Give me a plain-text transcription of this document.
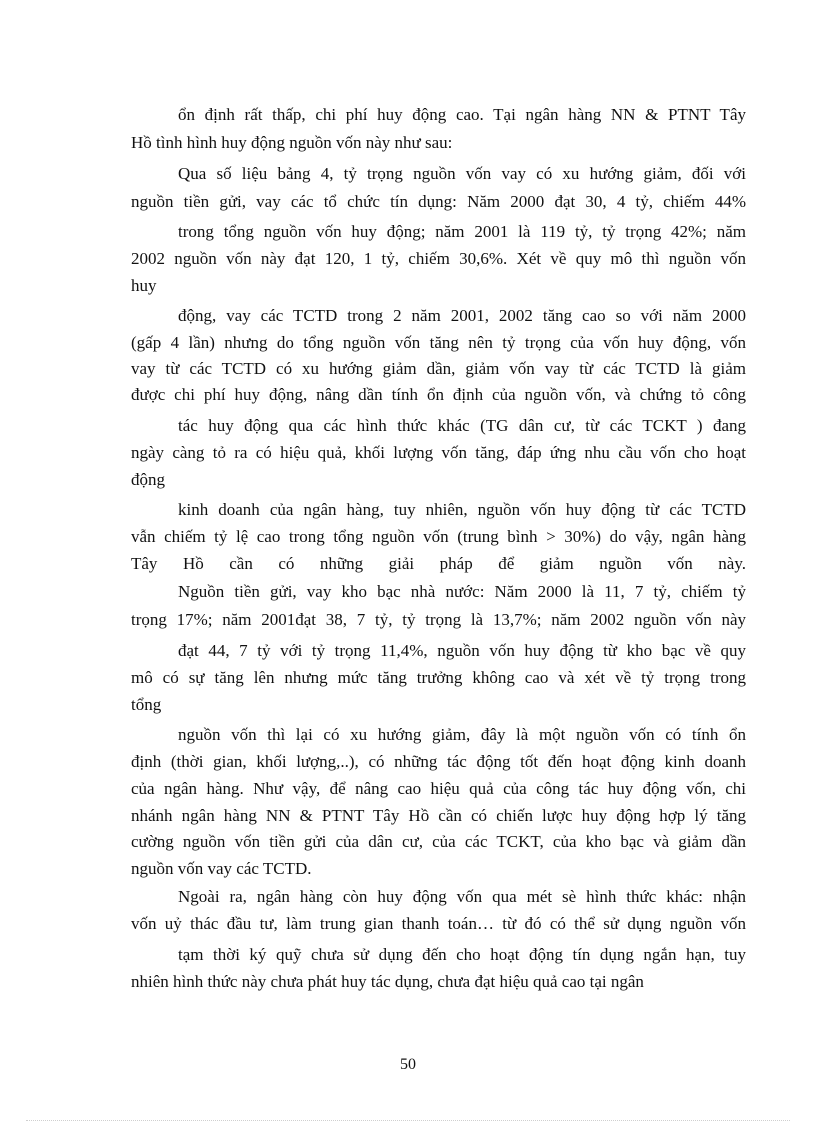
ổn định rất thấp, chi phí huy động cao. Tại ngân hàng NN & PTNT Tây
Hồ tình hình huy động nguồn vốn này như sau:
Qua số liệu bảng 4, tỷ trọng nguồn vốn vay có xu hướng giảm, đối với
nguồn tiền gửi, vay các tổ chức tín dụng: Năm 2000 đạt 30, 4 tỷ, chiếm 44%
trong tổng nguồn vốn huy động; năm 2001 là 119 tỷ, tỷ trọng 42%; năm
2002 nguồn vốn này đạt 120, 1 tỷ, chiếm 30,6%. Xét về quy mô thì nguồn vốn
huy
động, vay các TCTD trong 2 năm 2001, 2002 tăng cao so với năm 2000
(gấp 4 lần) nhưng do tổng nguồn vốn tăng nên tỷ trọng của vốn huy động, vốn
vay từ các TCTD có xu hướng giảm dần, giảm vốn vay từ các TCTD là giảm
được chi phí huy động, nâng dần tính ổn định của nguồn vốn, và chứng tỏ công
tác huy động qua các hình thức khác (TG dân cư, từ các TCKT ) đang
ngày càng tỏ ra có hiệu quả, khối lượng vốn tăng, đáp ứng nhu cầu vốn cho hoạt
động
kinh doanh của ngân hàng, tuy nhiên, nguồn vốn huy động từ các TCTD
vẫn chiếm tỷ lệ cao trong tổng nguồn vốn (trung bình > 30%) do vậy, ngân hàng
Tây Hồ cần có những giải pháp để giảm nguồn vốn này.
Nguồn tiền gửi, vay kho bạc nhà nước: Năm 2000 là 11, 7 tỷ, chiếm tỷ
trọng 17%; năm 2001đạt 38, 7 tỷ, tỷ trọng là 13,7%; năm 2002 nguồn vốn này
đạt 44, 7 tỷ với tỷ trọng 11,4%, nguồn vốn huy động từ kho bạc về quy
mô có sự tăng lên nhưng mức tăng trưởng không cao và xét về tỷ trọng trong
tổng
nguồn vốn thì lại có xu hướng giảm, đây là một nguồn vốn có tính ổn
định (thời gian, khối lượng,..), có những tác động tốt đến hoạt động kinh doanh
của ngân hàng. Như vậy, để nâng cao hiệu quả của công tác huy động vốn, chi
nhánh ngân hàng NN & PTNT Tây Hồ cần có chiến lược huy động hợp lý tăng
cường nguồn vốn tiền gửi của dân cư, của các TCKT, của kho bạc và giảm dần
nguồn vốn vay các TCTD.
Ngoài ra, ngân hàng còn huy động vốn qua mét sè hình thức khác: nhận
vốn uỷ thác đầu tư, làm trung gian thanh toán… từ đó có thể sử dụng nguồn vốn
tạm thời ký quỹ chưa sử dụng đến cho hoạt động tín dụng ngắn hạn, tuy
nhiên hình thức này chưa phát huy tác dụng, chưa đạt hiệu quả cao tại ngân
50
